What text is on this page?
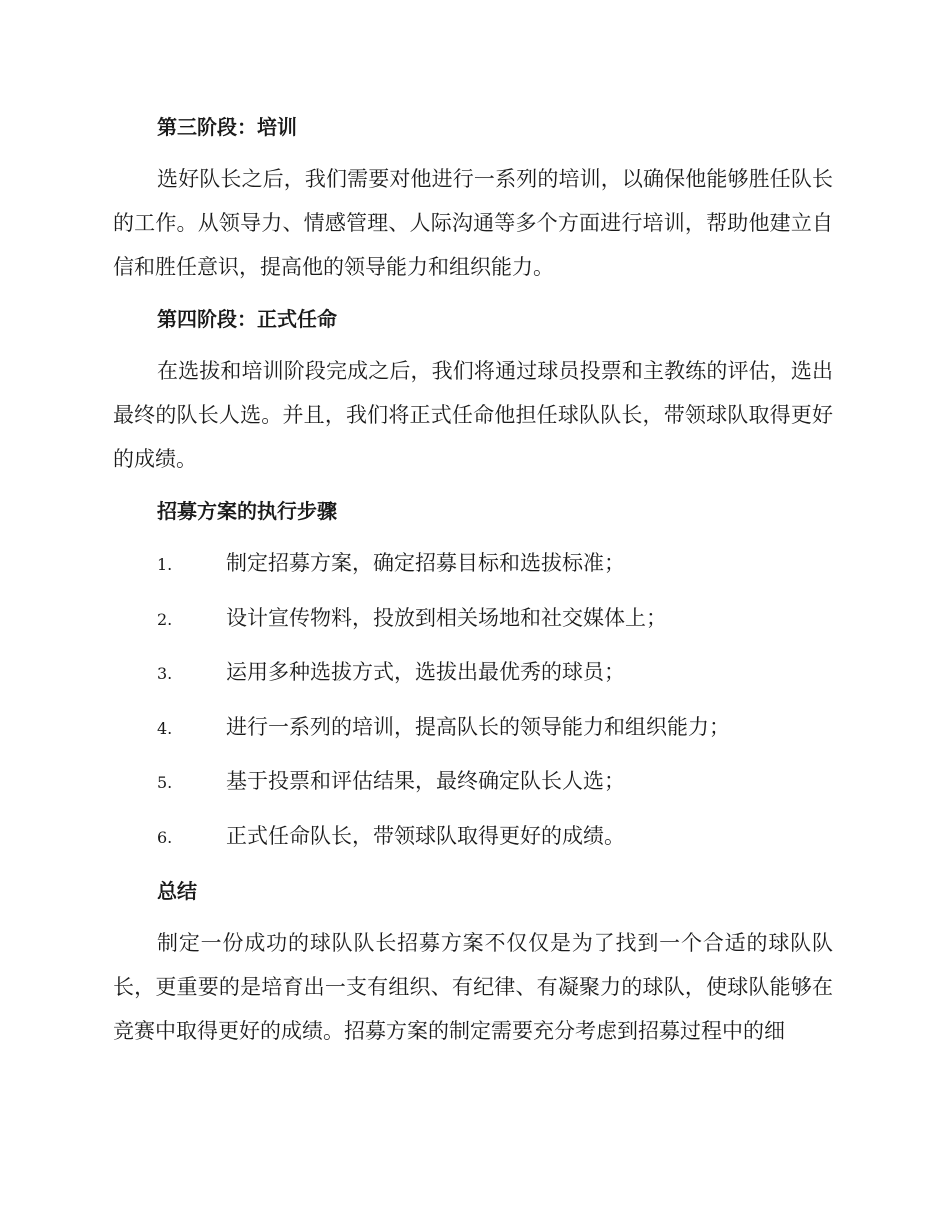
第三阶段：培训

选好队长之后，我们需要对他进行一系列的培训，以确保他能够胜任队长的工作。从领导力、情感管理、人际沟通等多个方面进行培训，帮助他建立自信和胜任意识，提高他的领导能力和组织能力。

第四阶段：正式任命

在选拔和培训阶段完成之后，我们将通过球员投票和主教练的评估，选出最终的队长人选。并且，我们将正式任命他担任球队队长，带领球队取得更好的成绩。

招募方案的执行步骤
1.	制定招募方案，确定招募目标和选拔标准；
2.	设计宣传物料，投放到相关场地和社交媒体上；
3.	运用多种选拔方式，选拔出最优秀的球员；
4.	进行一系列的培训，提高队长的领导能力和组织能力；
5.	基于投票和评估结果，最终确定队长人选；
6.	正式任命队长，带领球队取得更好的成绩。
总结

制定一份成功的球队队长招募方案不仅仅是为了找到一个合适的球队队长，更重要的是培育出一支有组织、有纪律、有凝聚力的球队，使球队能够在竞赛中取得更好的成绩。招募方案的制定需要充分考虑到招募过程中的细
